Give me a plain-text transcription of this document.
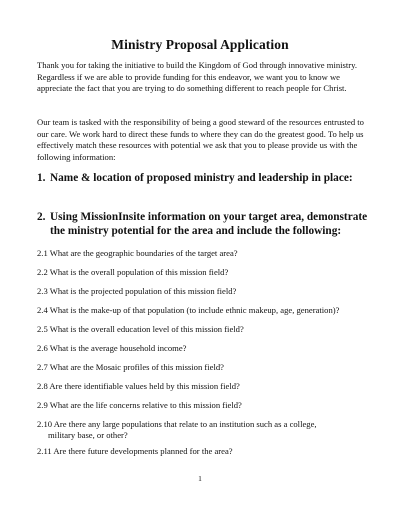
Ministry Proposal Application
Thank you for taking the initiative to build the Kingdom of God through innovative ministry. Regardless if we are able to provide funding for this endeavor, we want you to know we appreciate the fact that you are trying to do something different to reach people for Christ.
Our team is tasked with the responsibility of being a good steward of the resources entrusted to our care. We work hard to direct these funds to where they can do the greatest good. To help us effectively match these resources with potential we ask that you to please provide us with the following information:
1. Name & location of proposed ministry and leadership in place:
2. Using MissionInsite information on your target area, demonstrate the ministry potential for the area and include the following:
2.1 What are the geographic boundaries of the target area?
2.2 What is the overall population of this mission field?
2.3 What is the projected population of this mission field?
2.4 What is the make-up of that population (to include ethnic makeup, age, generation)?
2.5 What is the overall education level of this mission field?
2.6 What is the average household income?
2.7 What are the Mosaic profiles of this mission field?
2.8 Are there identifiable values held by this mission field?
2.9 What are the life concerns relative to this mission field?
2.10 Are there any large populations that relate to an institution such as a college,
military base, or other?
2.11 Are there future developments planned for the area?
1
